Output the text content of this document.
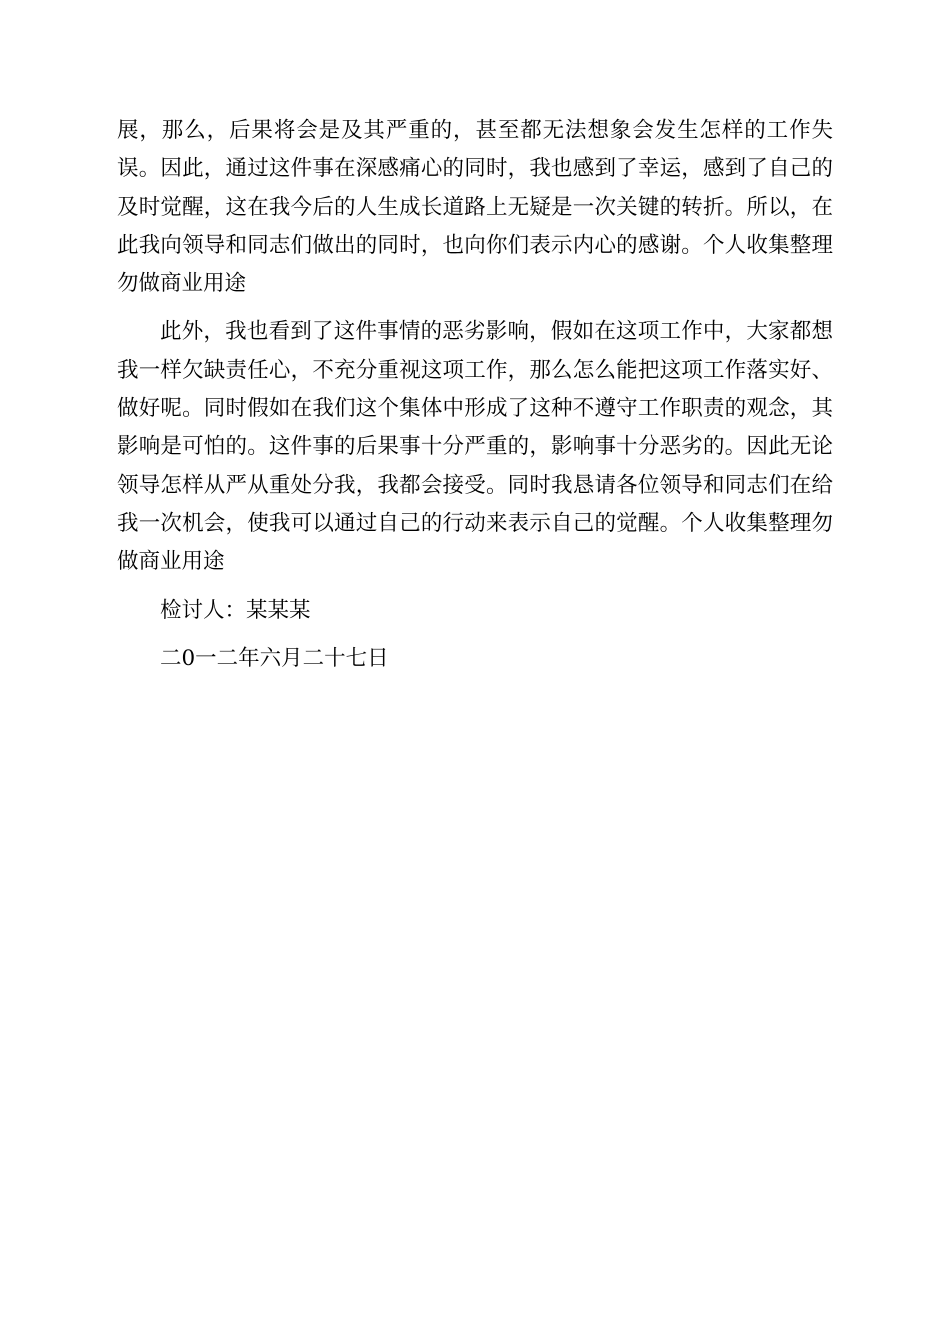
展，那么，后果将会是及其严重的，甚至都无法想象会发生怎样的工作失误。因此，通过这件事在深感痛心的同时，我也感到了幸运，感到了自己的及时觉醒，这在我今后的人生成长道路上无疑是一次关键的转折。所以，在此我向领导和同志们做出的同时，也向你们表示内心的感谢。个人收集整理勿做商业用途

此外，我也看到了这件事情的恶劣影响，假如在这项工作中，大家都想我一样欠缺责任心，不充分重视这项工作，那么怎么能把这项工作落实好、做好呢。同时假如在我们这个集体中形成了这种不遵守工作职责的观念，其影响是可怕的。这件事的后果事十分严重的，影响事十分恶劣的。因此无论领导怎样从严从重处分我，我都会接受。同时我恳请各位领导和同志们在给我一次机会，使我可以通过自己的行动来表示自己的觉醒。个人收集整理勿做商业用途

检讨人：某某某

二0一二年六月二十七日
